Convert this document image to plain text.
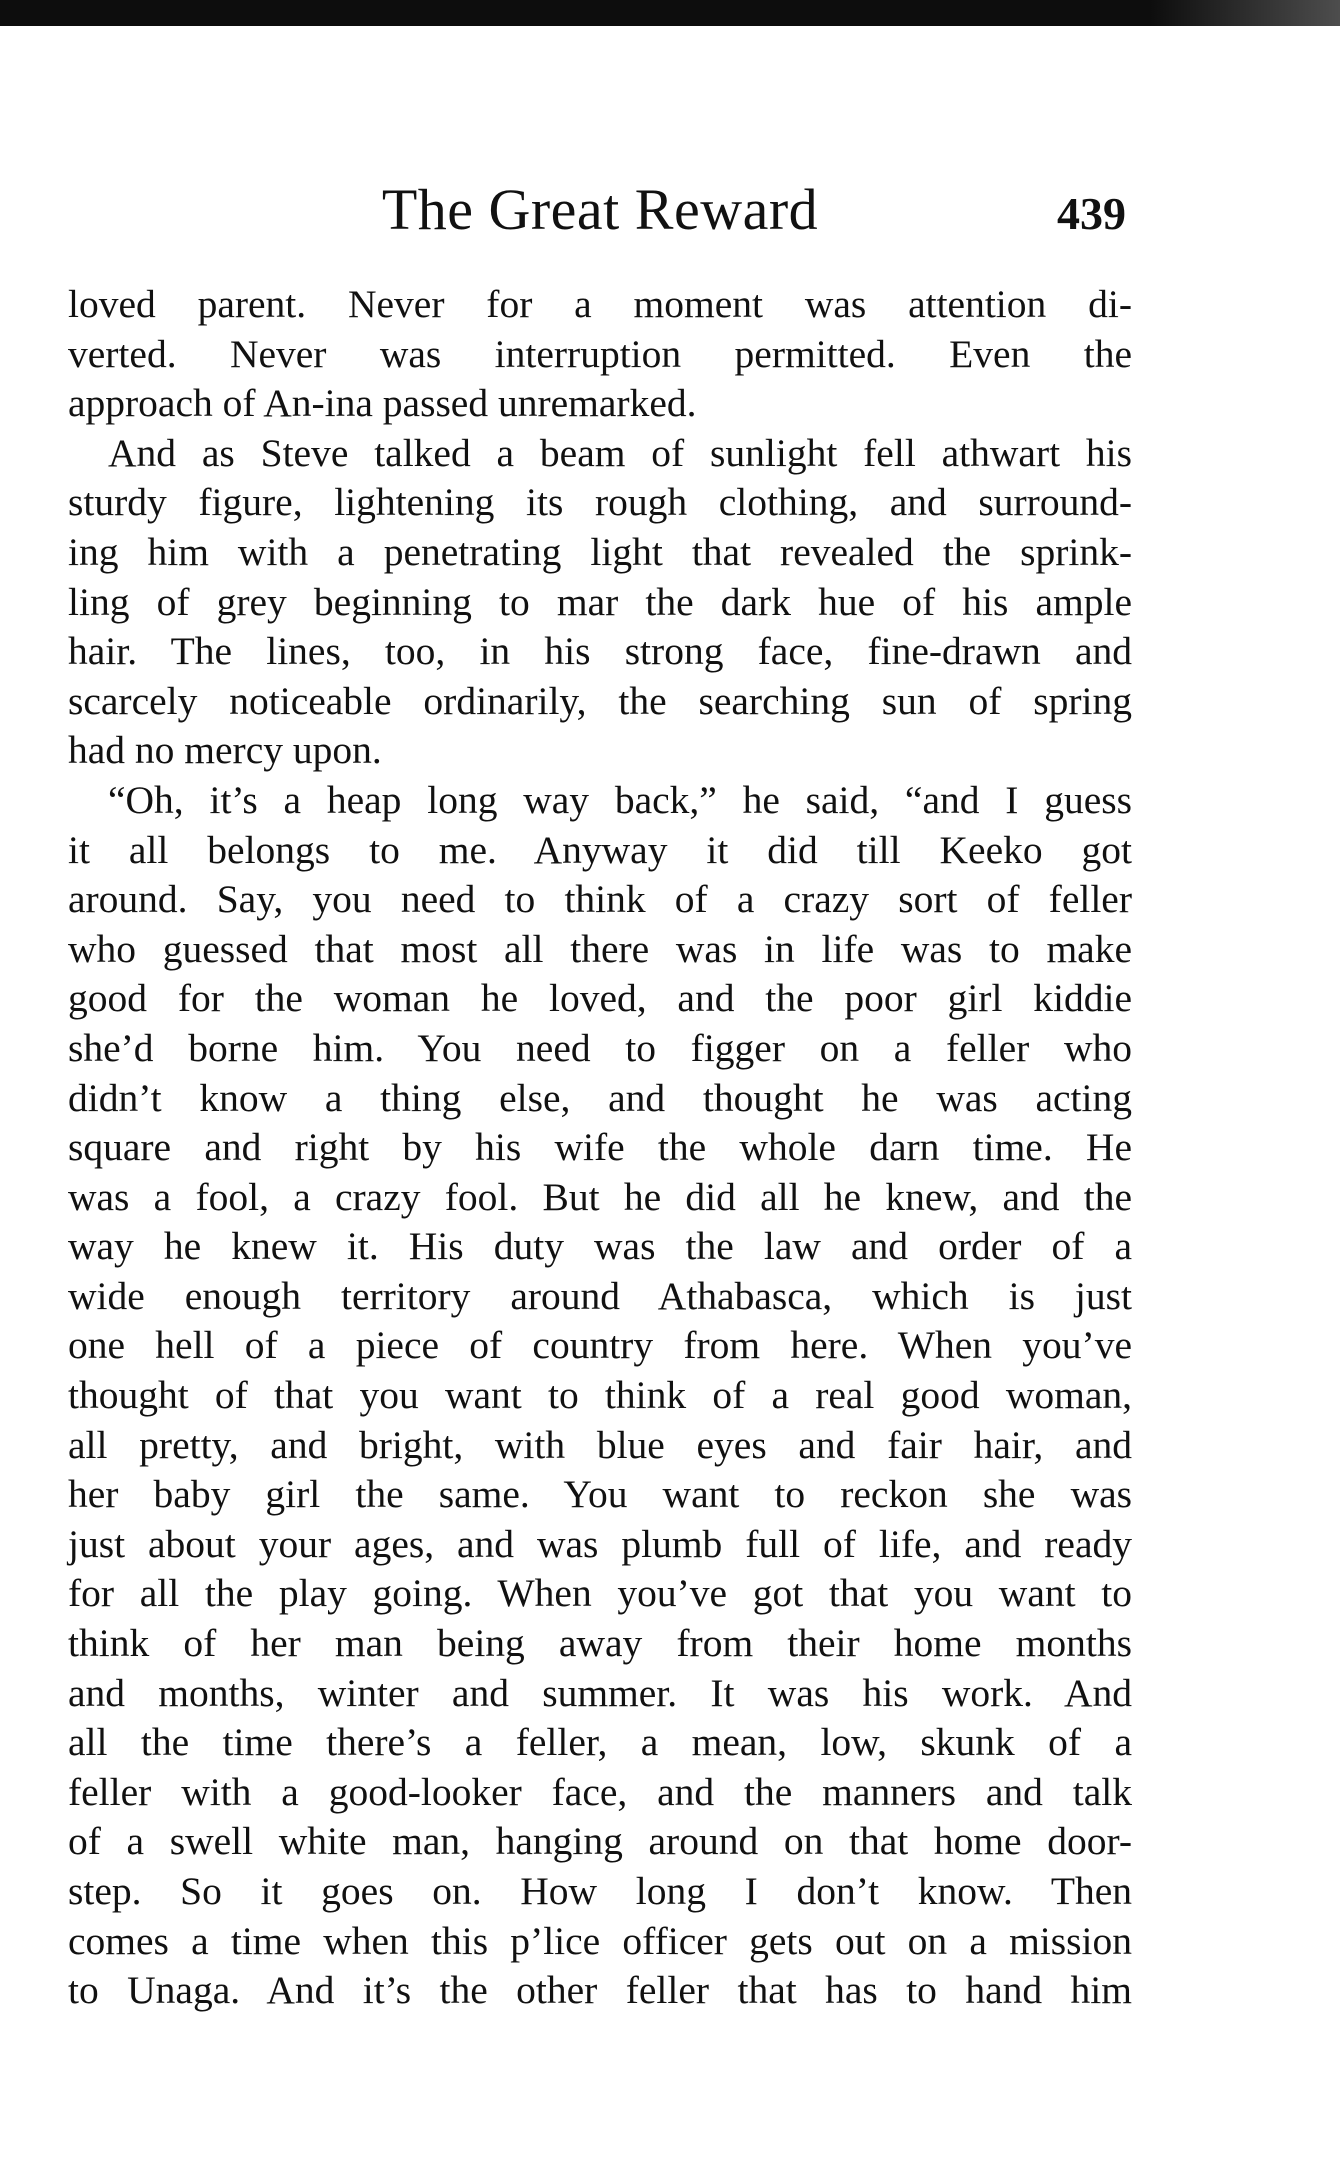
The Great Reward	439
loved parent. Never for a moment was attention di-
verted. Never was interruption permitted. Even the
approach of An-ina passed unremarked.
And as Steve talked a beam of sunlight fell athwart his
sturdy figure, lightening its rough clothing, and surround-
ing him with a penetrating light that revealed the sprink-
ling of grey beginning to mar the dark hue of his ample
hair. The lines, too, in his strong face, fine-drawn and
scarcely noticeable ordinarily, the searching sun of spring
had no mercy upon.
“Oh, it’s a heap long way back,” he said, “and I guess
it all belongs to me. Anyway it did till Keeko got
around. Say, you need to think of a crazy sort of feller
who guessed that most all there was in life was to make
good for the woman he loved, and the poor girl kiddie
she’d borne him. You need to figger on a feller who
didn’t know a thing else, and thought he was acting
square and right by his wife the whole darn time. He
was a fool, a crazy fool. But he did all he knew, and the
way he knew it. His duty was the law and order of a
wide enough territory around Athabasca, which is just
one hell of a piece of country from here. When you’ve
thought of that you want to think of a real good woman,
all pretty, and bright, with blue eyes and fair hair, and
her baby girl the same. You want to reckon she was
just about your ages, and was plumb full of life, and ready
for all the play going. When you’ve got that you want to
think of her man being away from their home months
and months, winter and summer. It was his work. And
all the time there’s a feller, a mean, low, skunk of a
feller with a good-looker face, and the manners and talk
of a swell white man, hanging around on that home door-
step. So it goes on. How long I don’t know. Then
comes a time when this p’lice officer gets out on a mission
to Unaga. And it’s the other feller that has to hand him
